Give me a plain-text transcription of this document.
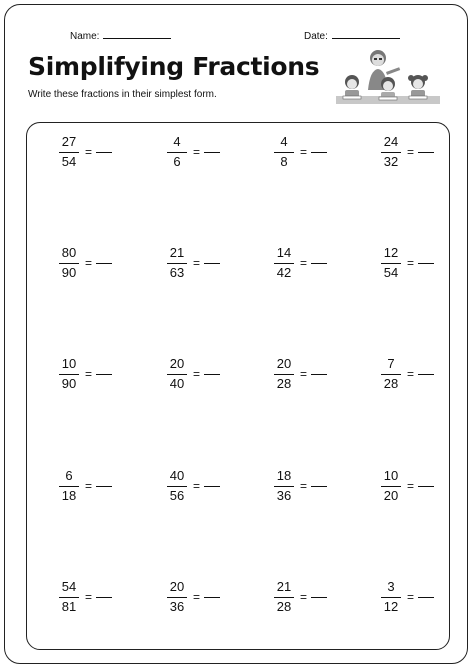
Name:	Date:
Simplifying Fractions
Write these fractions in their simplest form.
$\frac{27}{54}$ =	$\frac{4}{6}$ =	$\frac{4}{8}$ =	$\frac{24}{32}$ =
$\frac{80}{90}$ =	$\frac{21}{63}$ =	$\frac{14}{42}$ =	$\frac{12}{54}$ =
$\frac{10}{90}$ =	$\frac{20}{40}$ =	$\frac{20}{28}$ =	$\frac{7}{28}$ =
$\frac{6}{18}$ =	$\frac{40}{56}$ =	$\frac{18}{36}$ =	$\frac{10}{20}$ =
$\frac{54}{81}$ =	$\frac{20}{36}$ =	$\frac{21}{28}$ =	$\frac{3}{12}$ =
